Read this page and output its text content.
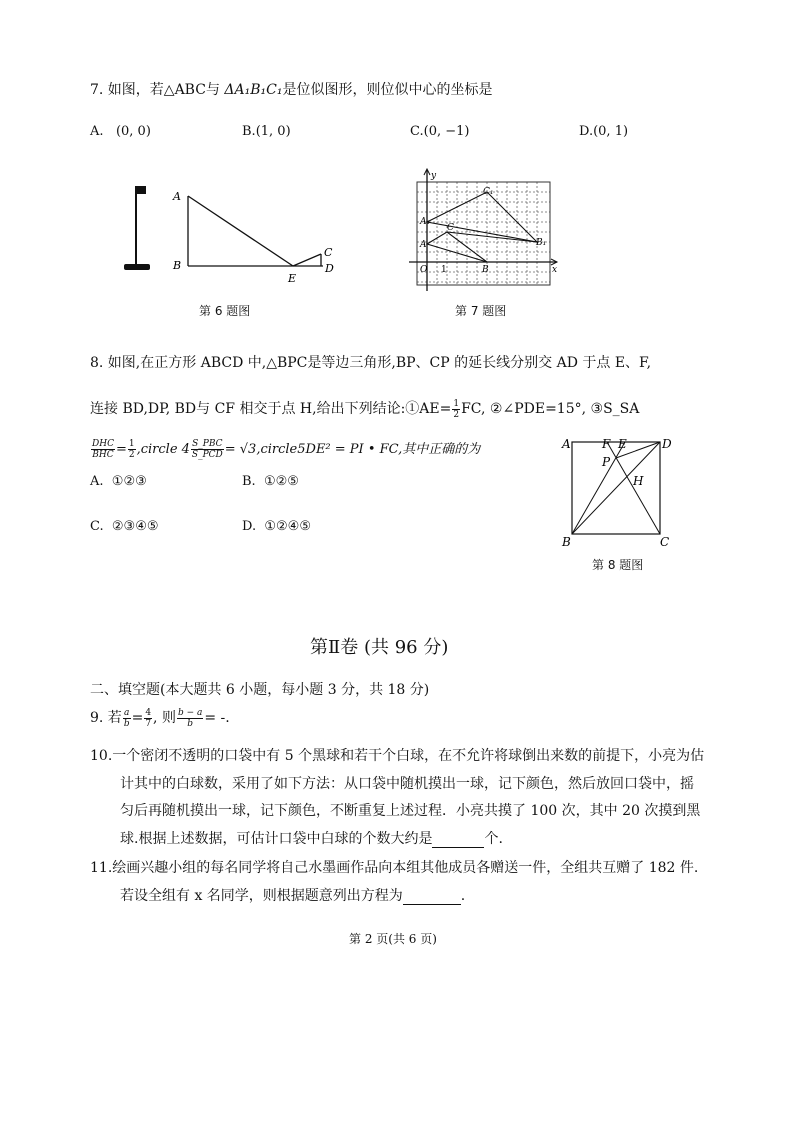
7. 如图，若△ABC与 ΔA₁B₁C₁是位似图形，则位似中心的坐标是
A. (0, 0)	B.(1, 0)	C.(0, −1)	D.(0, 1)
A
B
E
C
D
第 6 题图
y
x
O 1	B
A
C
A₁
B₁
C₁
第 7 题图
8. 如图,在正方形 ABCD 中,△BPC是等边三角形,BP、CP 的延长线分别交 AD 于点 E、F,
连接 BD,DP, BD与 CF 相交于点 H,给出下列结论:①AE= $\frac{1}{2}$ FC, ②∠PDE=15°, ③S_SA
$\frac{\text{DHC}}{\text{BHC}} = \frac{1}{2}$ ,circle $4 \frac{\text{S\_PBC}}{\text{S\_PCD}}$ = √3,circle5DE² = PI • FC,其中正确的为
A. ①②③	B. ①②⑤
C. ②③④⑤	D. ①②④⑤
A	F E	D
P
H
B	C
第 8 题图
第Ⅱ卷 (共 96 分)
二、填空题(本大题共 6 小题，每小题 3 分，共 18 分)
9. 若 $\frac{a}{b} = \frac{4}{7}$ , 则 $\frac{b - a}{b}$ = -.
10.一个密闭不透明的口袋中有 5 个黑球和若干个白球，在不允许将球倒出来数的前提下，小亮为估
计其中的白球数，采用了如下方法：从口袋中随机摸出一球，记下颜色，然后放回口袋中，摇
匀后再随机摸出一球，记下颜色，不断重复上述过程．小亮共摸了 100 次，其中 20 次摸到黑
球.根据上述数据，可估计口袋中白球的个数大约是	个.
11.绘画兴趣小组的每名同学将自己水墨画作品向本组其他成员各赠送一件，全组共互赠了 182 件.
若设全组有 x 名同学，则根据题意列出方程为	.
第 2 页(共 6 页)
